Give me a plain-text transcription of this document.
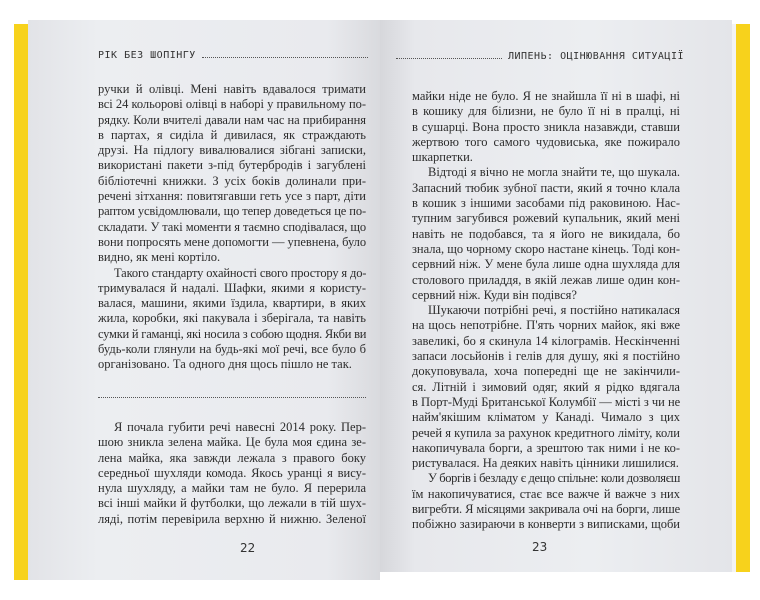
РІК БЕЗ ШОПІНГУ	ЛИПЕНЬ: ОЦІНЮВАННЯ СИТУАЦІЇ
ручки й олівці. Мені навіть вдавалося тримати
всі 24 кольорові олівці в наборі у правильному по-
рядку. Коли вчителі давали нам час на прибирання
в партах, я сиділа й дивилася, як страждають
друзі. На підлогу вивалювалися зібгані записки,
використані пакети з-під бутербродів і загублені
бібліотечні книжки. З усіх боків долинали при-
речені зітхання: повитягавши геть усе з парт, діти
раптом усвідомлювали, що тепер доведеться це по-
складати. У такі моменти я таємно сподівалася, що
вони попросять мене допомогти — упевнена, було
видно, як мені кортіло.
Такого стандарту охайності свого простору я до-
тримувалася й надалі. Шафки, якими я користу-
валася, машини, якими їздила, квартири, в яких
жила, коробки, які пакувала і зберігала, та навіть
сумки й гаманці, які носила з собою щодня. Якби ви
будь-коли глянули на будь-які мої речі, все було б
організовано. Та одного дня щось пішло не так.
Я почала губити речі навесні 2014 року. Пер-
шою зникла зелена майка. Це була моя єдина зе-
лена майка, яка завжди лежала з правого боку
середньої шухляди комода. Якось уранці я вису-
нула шухляду, а майки там не було. Я перерила
всі інші майки й футболки, що лежали в тій шух-
ляді, потім перевірила верхню й нижню. Зеленої
майки ніде не було. Я не знайшла її ні в шафі, ні
в кошику для білизни, не було її ні в пралці, ні
в сушарці. Вона просто зникла назавжди, ставши
жертвою того самого чудовиська, яке пожирало
шкарпетки.
Відтоді я вічно не могла знайти те, що шукала.
Запасний тюбик зубної пасти, який я точно клала
в кошик з іншими засобами під раковиною. Нас-
тупним загубився рожевий купальник, який мені
навіть не подобався, та я його не викидала, бо
знала, що чорному скоро настане кінець. Тоді кон-
сервний ніж. У мене була лише одна шухляда для
столового приладдя, в якій лежав лише один кон-
сервний ніж. Куди він подівся?
Шукаючи потрібні речі, я постійно натикалася
на щось непотрібне. П'ять чорних майок, які вже
завеликі, бо я скинула 14 кілограмів. Нескінченні
запаси лосьйонів і гелів для душу, які я постійно
докуповувала, хоча попередні ще не закінчили-
ся. Літній і зимовий одяг, який я рідко вдягала
в Порт-Муді Британської Колумбії — місті з чи не
найм'якішим кліматом у Канаді. Чимало з цих
речей я купила за рахунок кредитного ліміту, коли
накопичувала борги, а зрештою так ними і не ко-
ристувалася. На деяких навіть цінники лишилися.
У боргів і безладу є дещо спільне: коли дозволяєш
їм накопичуватися, стає все важче й важче з них
вигребти. Я місяцями закривала очі на борги, лише
побіжно зазираючи в конверти з виписками, щоби
22	23
